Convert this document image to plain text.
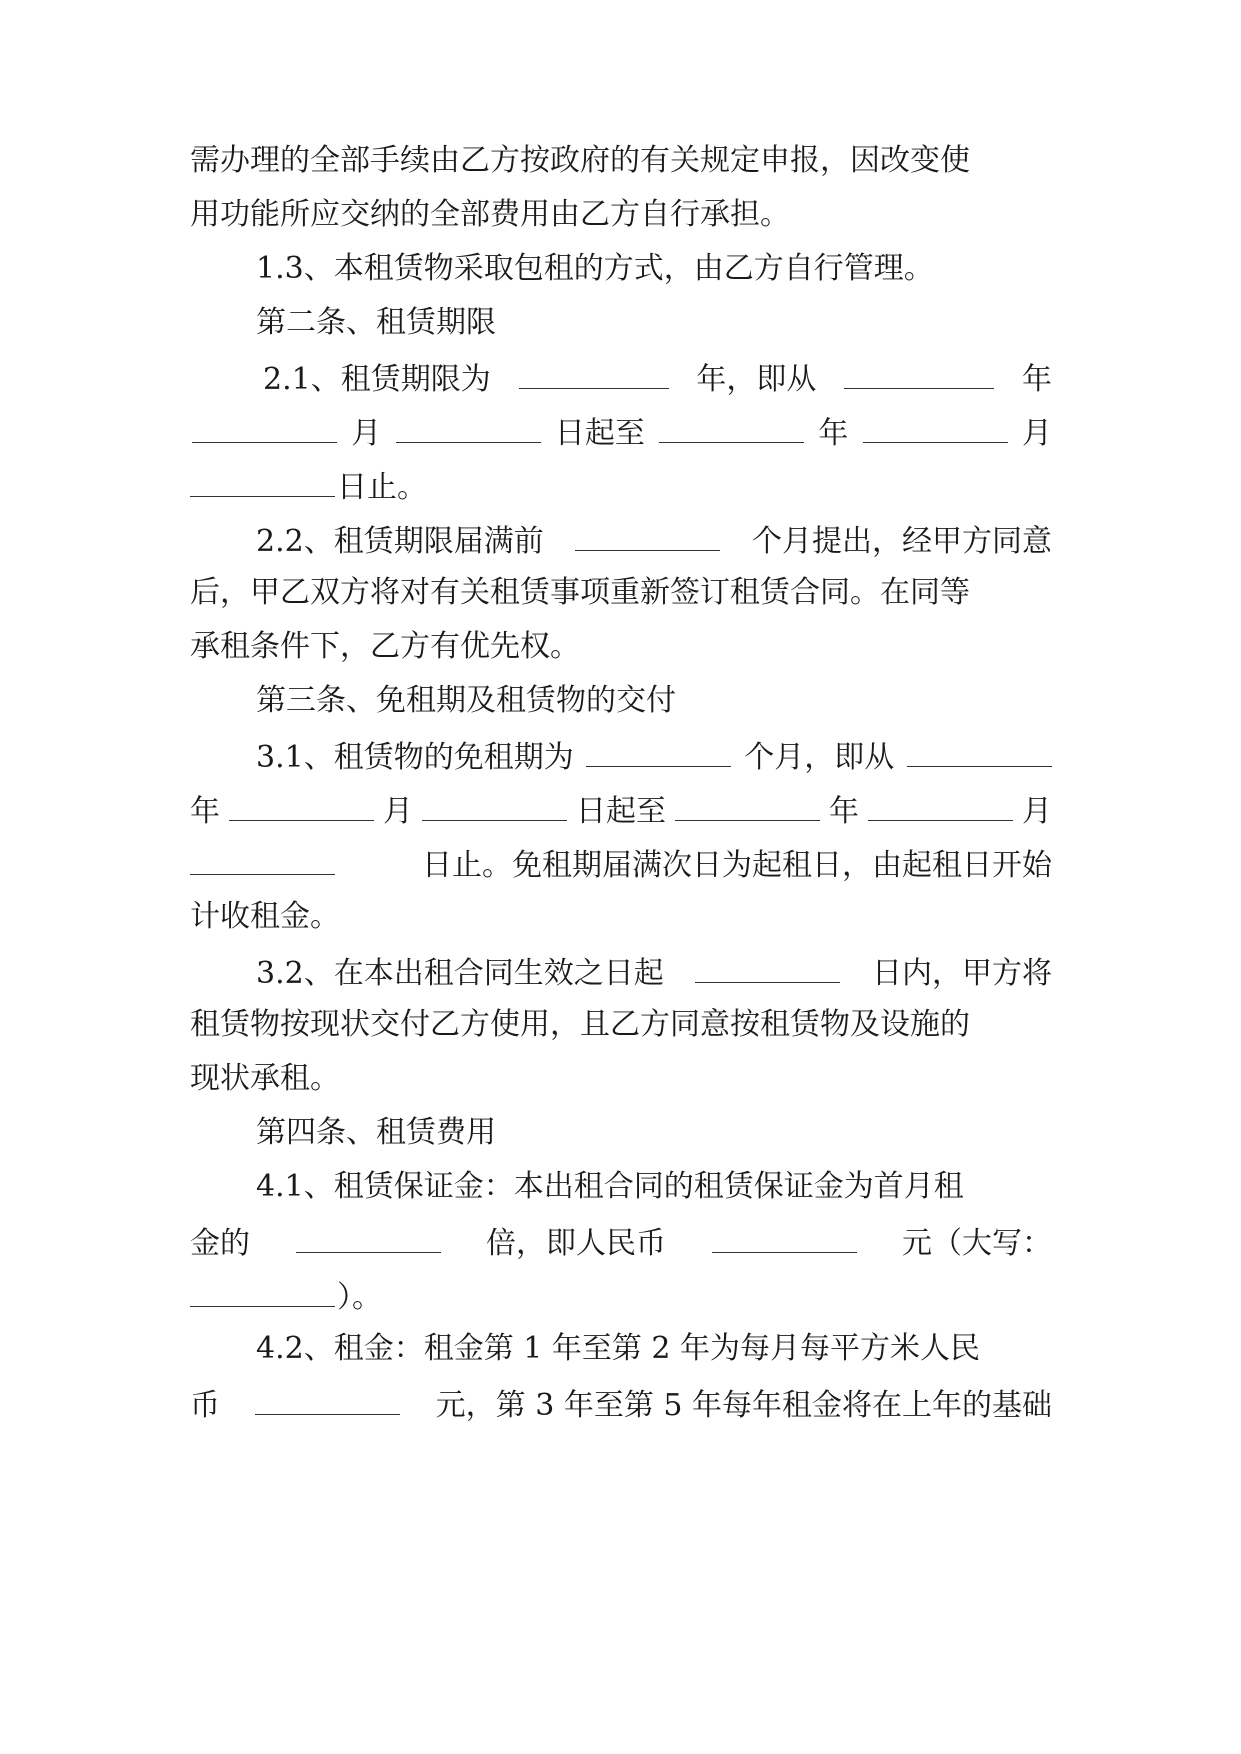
需办理的全部手续由乙方按政府的有关规定申报，因改变使
用功能所应交纳的全部费用由乙方自行承担。
1.3、本租赁物采取包租的方式，由乙方自行管理。
第二条、租赁期限
2.1、租赁期限为	年，即从	年
月	日起至	年	月
日止。
2.2、租赁期限届满前	个月提出，经甲方同意
后，甲乙双方将对有关租赁事项重新签订租赁合同。在同等
承租条件下，乙方有优先权。
第三条、免租期及租赁物的交付
3.1、租赁物的免租期为	个月，即从
年	月	日起至	年	月
日止。免租期届满次日为起租日，由起租日开始
计收租金。
3.2、在本出租合同生效之日起	日内，甲方将
租赁物按现状交付乙方使用，且乙方同意按租赁物及设施的
现状承租。
第四条、租赁费用
4.1、租赁保证金：本出租合同的租赁保证金为首月租
金的	倍，即人民币	元（大写：
）。
4.2、租金：租金第 1 年至第 2 年为每月每平方米人民
币	元，第 3 年至第 5 年每年租金将在上年的基础
